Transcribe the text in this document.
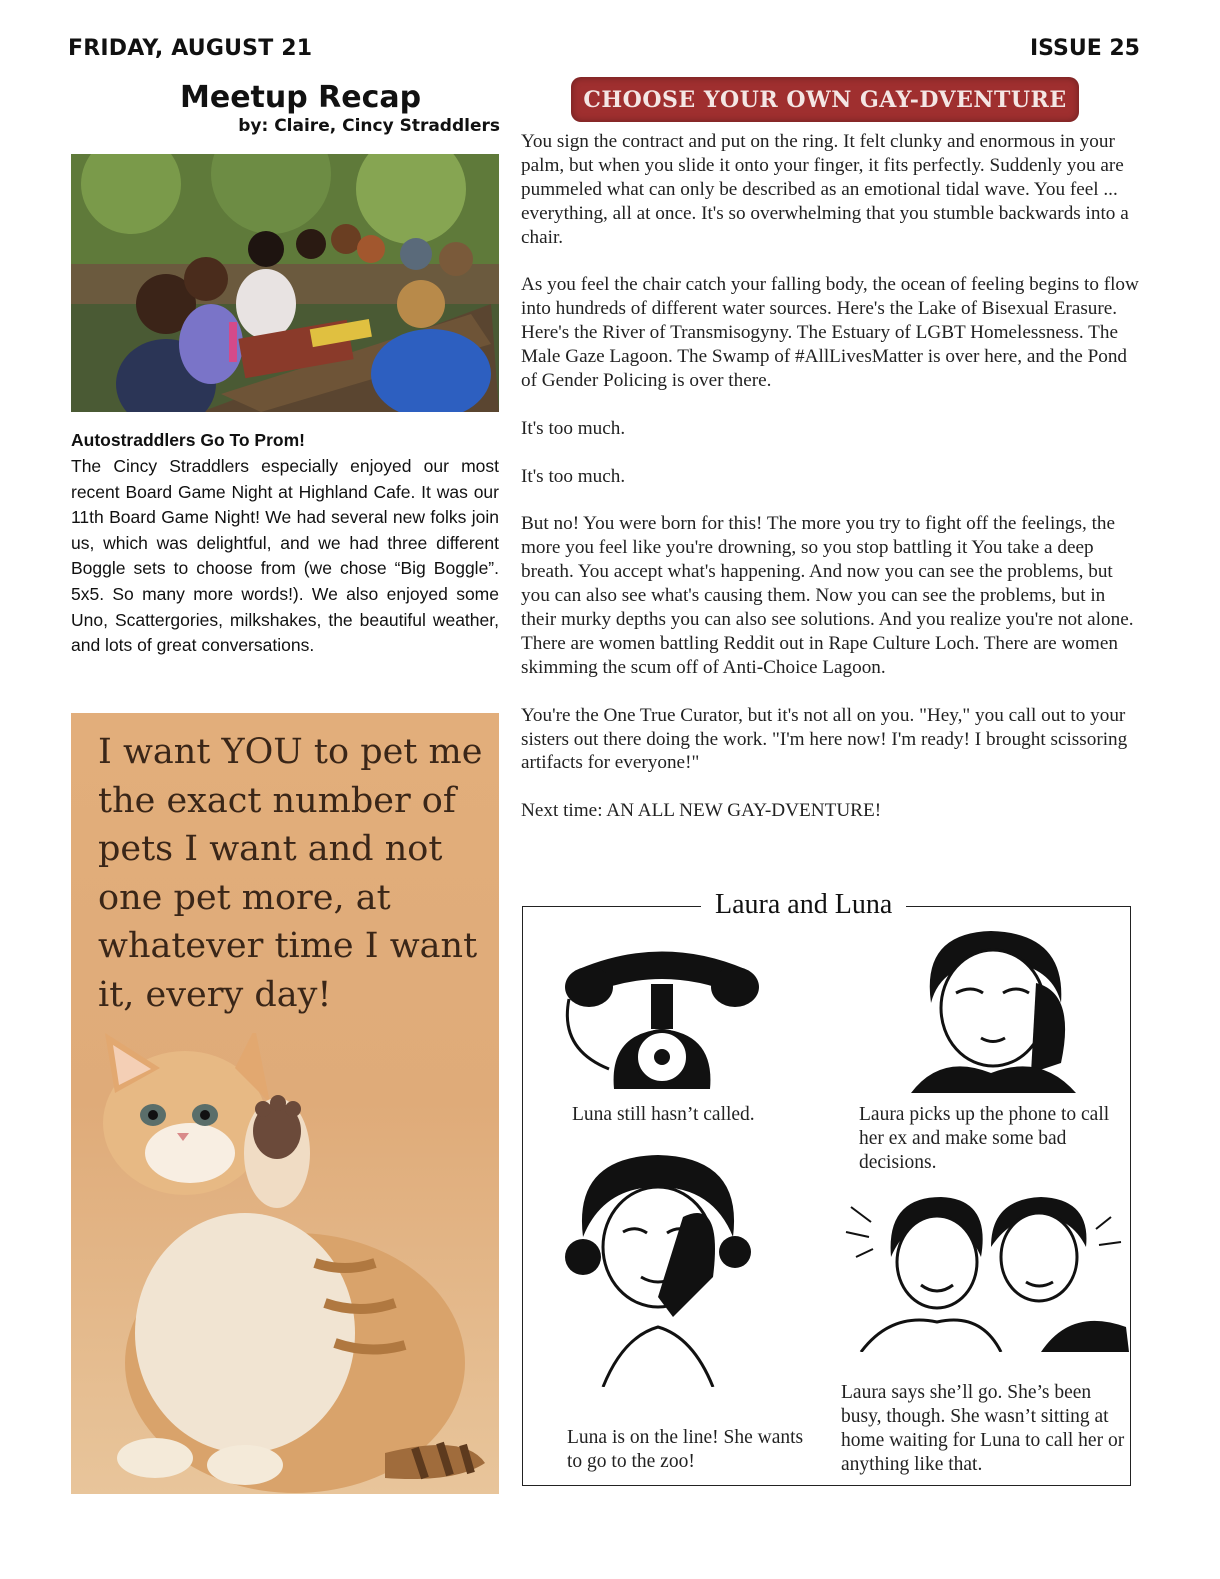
FRIDAY, AUGUST 21	ISSUE 25
Meetup Recap
by: Claire, Cincy Straddlers
Autostraddlers Go To Prom!
The Cincy Straddlers especially enjoyed our most recent Board Game Night at Highland Cafe. It was our 11th Board Game Night! We had several new folks join us, which was delightful, and we had three different Boggle sets to choose from (we chose “Big Boggle”. 5x5. So many more words!). We also enjoyed some Uno, Scattergories, milkshakes, the beautiful weather, and lots of great conversations.
I want YOU to pet me the exact number of pets I want and not one pet more, at whatever time I want it, every day!
CHOOSE YOUR OWN GAY-DVENTURE

You sign the contract and put on the ring. It felt clunky and enormous in your palm, but when you slide it onto your finger, it fits perfectly. Suddenly you are pummeled what can only be described as an emotional tidal wave. You feel ... everything, all at once. It's so overwhelming that you stumble backwards into a chair.

As you feel the chair catch your falling body, the ocean of feeling begins to flow into hundreds of different water sources. Here's the Lake of Bisexual Erasure. Here's the River of Transmisogyny. The Estuary of LGBT Homelessness. The Male Gaze Lagoon. The Swamp of #AllLivesMatter is over here, and the Pond of Gender Policing is over there.

It's too much.

It's too much.

But no! You were born for this! The more you try to fight off the feelings, the more you feel like you're drowning, so you stop battling it You take a deep breath. You accept what's happening. And now you can see the problems, but you can also see what's causing them. Now you can see the problems, but in their murky depths you can also see solutions. And you realize you're not alone. There are women battling Reddit out in Rape Culture Loch. There are women skimming the scum off of Anti-Choice Lagoon.

You're the One True Curator, but it's not all on you. "Hey," you call out to your sisters out there doing the work. "I'm here now! I'm ready! I brought scissoring artifacts for everyone!"

Next time: AN ALL NEW GAY-DVENTURE!

Laura and Luna
Luna still hasn’t called.	Laura picks up the phone to call her ex and make some bad decisions.
Luna is on the line! She wants to go to the zoo!
Laura says she’ll go. She’s been busy, though. She wasn’t sitting at home waiting for Luna to call her or anything like that.
